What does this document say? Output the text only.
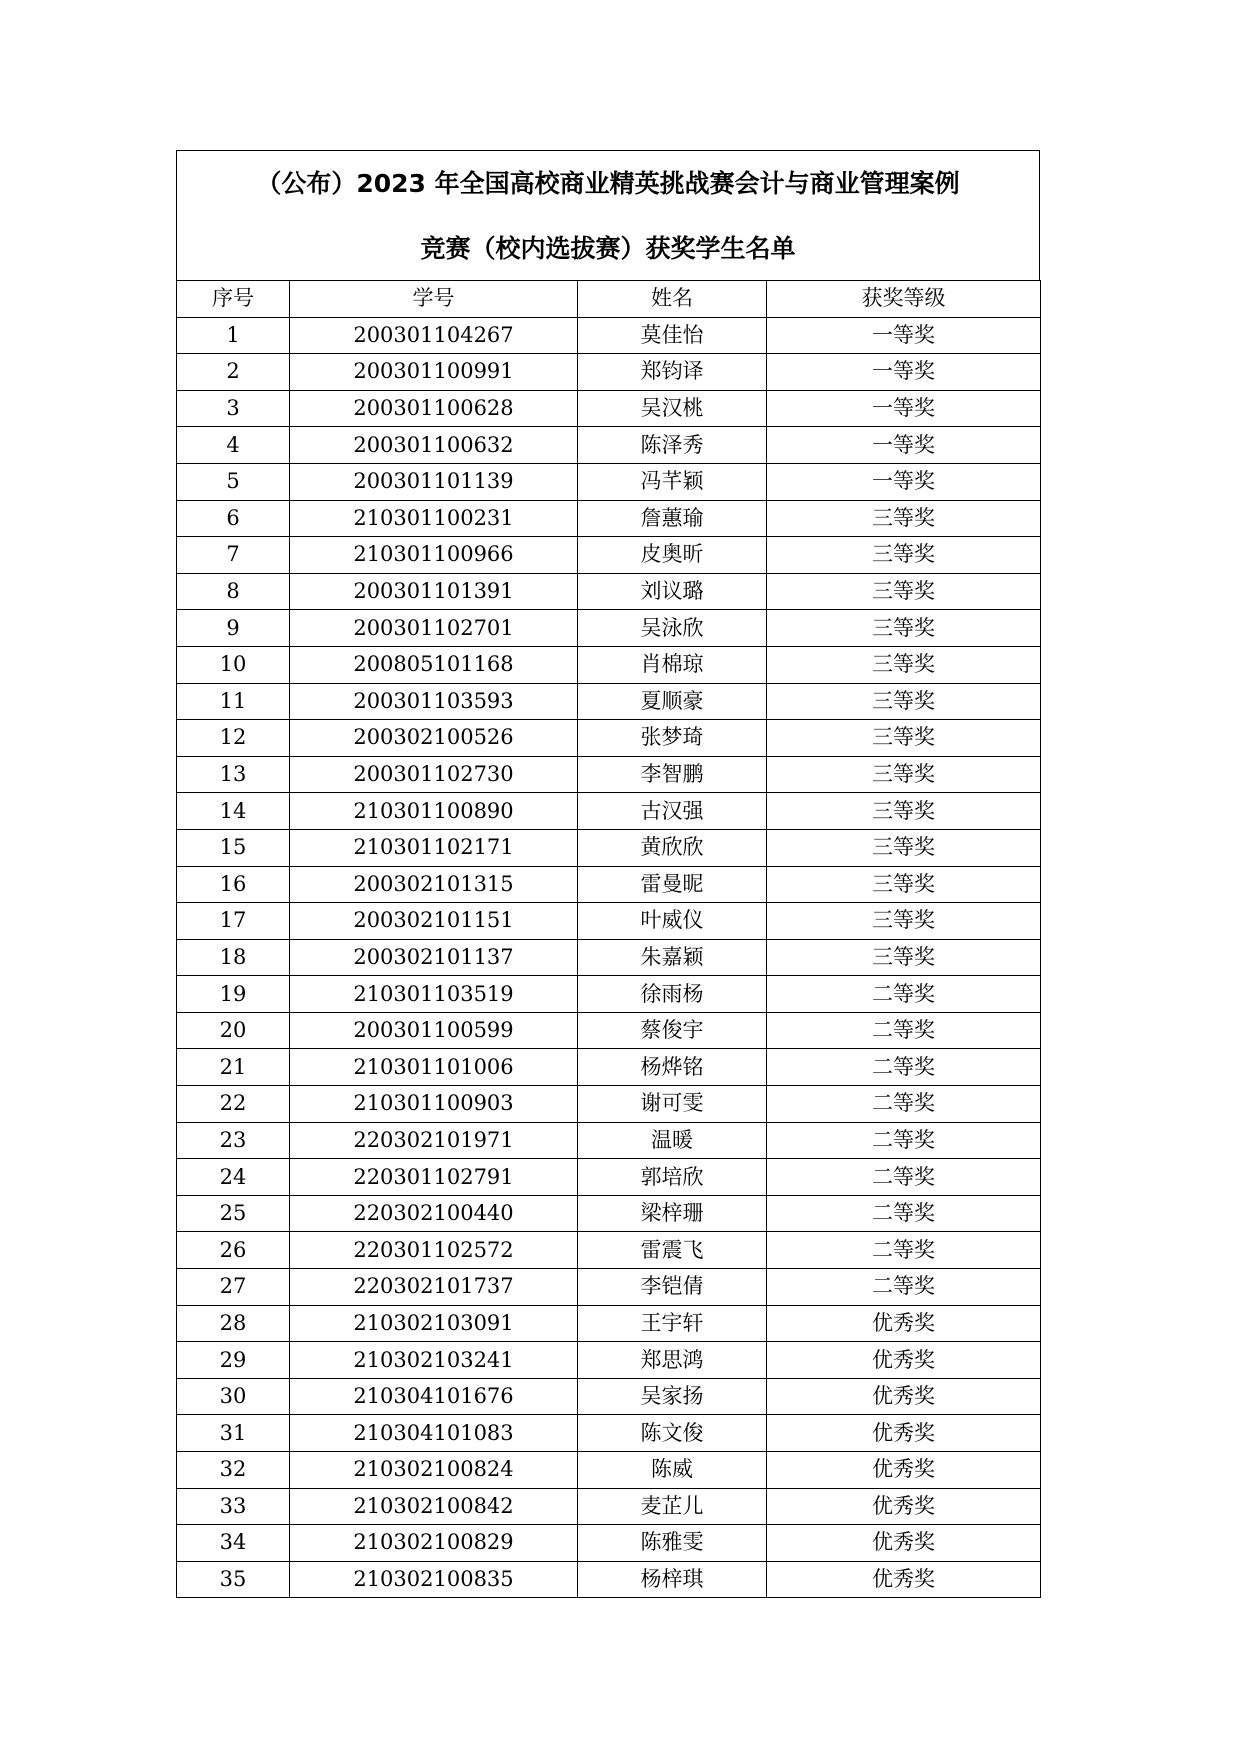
（公布）2023 年全国高校商业精英挑战赛会计与商业管理案例

竞赛（校内选拔赛）获奖学生名单

序号	学号	姓名	获奖等级
1	200301104267	莫佳怡	一等奖
2	200301100991	郑钧译	一等奖
3	200301100628	吴汉桃	一等奖
4	200301100632	陈泽秀	一等奖
5	200301101139	冯芊颖	一等奖
6	210301100231	詹蕙瑜	三等奖
7	210301100966	皮奥昕	三等奖
8	200301101391	刘议璐	三等奖
9	200301102701	吴泳欣	三等奖
10	200805101168	肖棉琼	三等奖
11	200301103593	夏顺豪	三等奖
12	200302100526	张梦琦	三等奖
13	200301102730	李智鹏	三等奖
14	210301100890	古汉强	三等奖
15	210301102171	黄欣欣	三等奖
16	200302101315	雷曼昵	三等奖
17	200302101151	叶威仪	三等奖
18	200302101137	朱嘉颖	三等奖
19	210301103519	徐雨杨	二等奖
20	200301100599	蔡俊宇	二等奖
21	210301101006	杨烨铭	二等奖
22	210301100903	谢可雯	二等奖
23	220302101971	温暖	二等奖
24	220301102791	郭培欣	二等奖
25	220302100440	梁梓珊	二等奖
26	220301102572	雷震飞	二等奖
27	220302101737	李铠倩	二等奖
28	210302103091	王宇轩	优秀奖
29	210302103241	郑思鸿	优秀奖
30	210304101676	吴家扬	优秀奖
31	210304101083	陈文俊	优秀奖
32	210302100824	陈威	优秀奖
33	210302100842	麦芷儿	优秀奖
34	210302100829	陈雅雯	优秀奖
35	210302100835	杨梓琪	优秀奖
